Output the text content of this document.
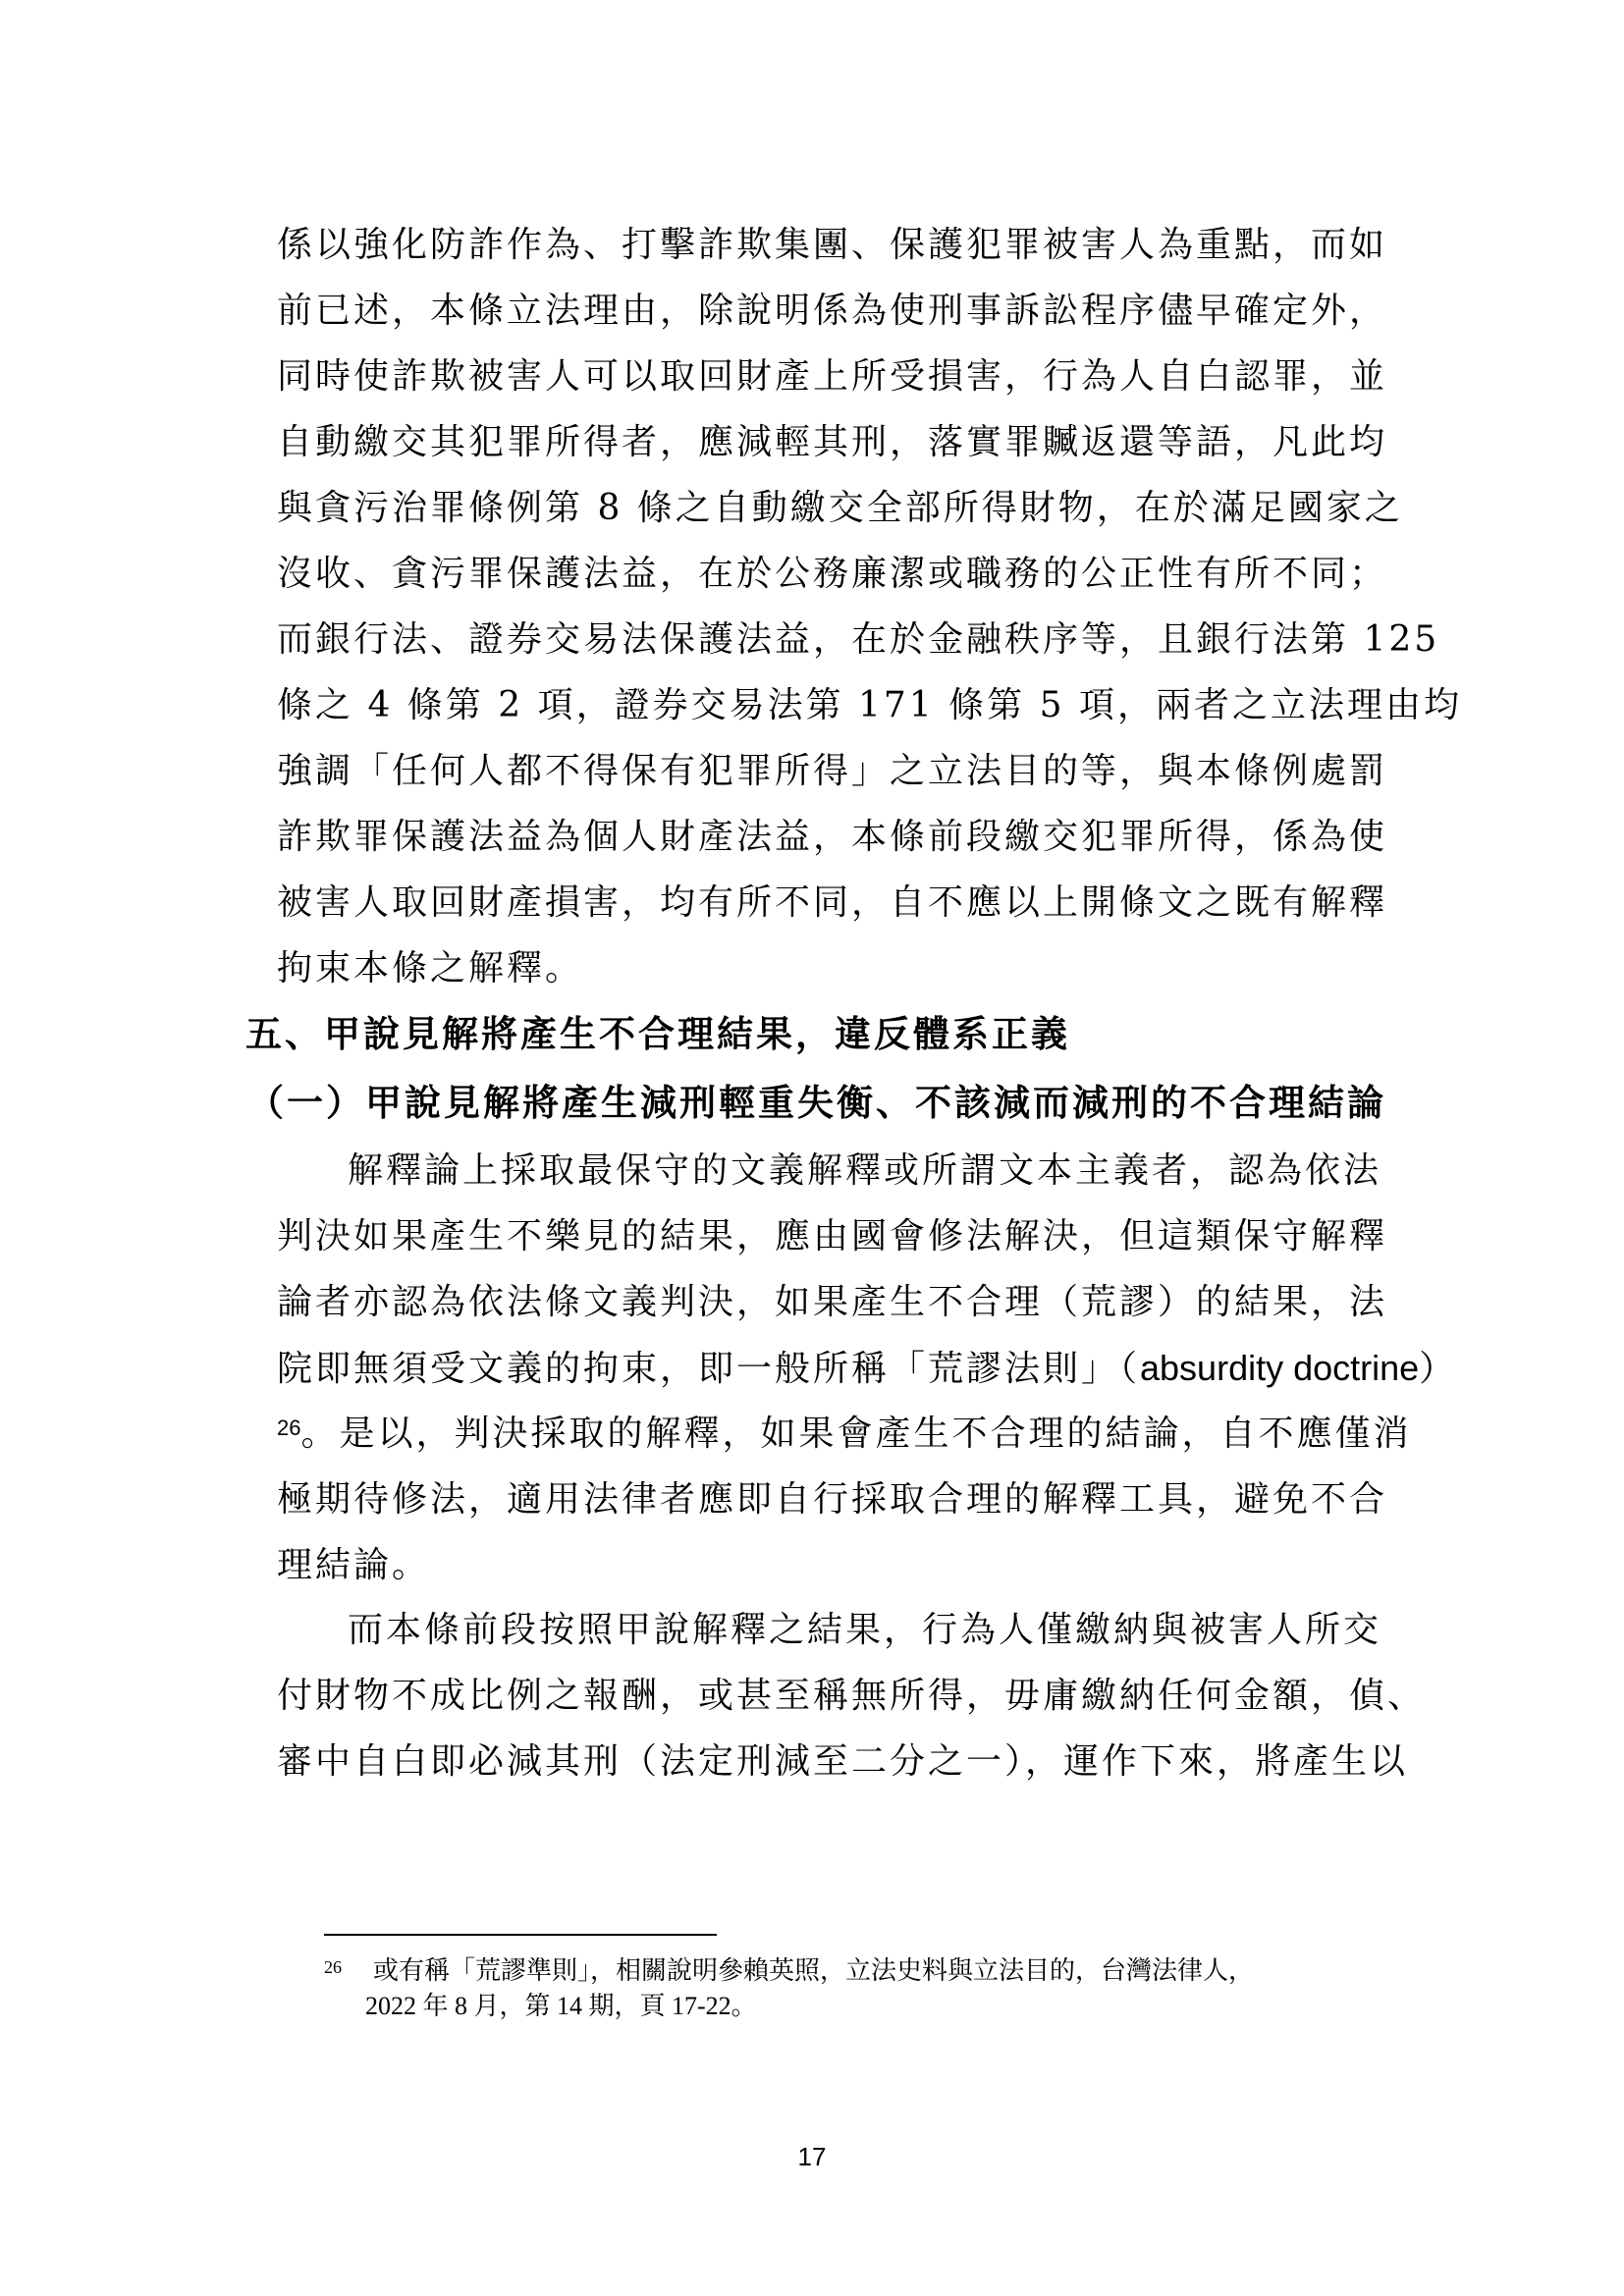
係以強化防詐作為、打擊詐欺集團、保護犯罪被害人為重點，而如
前已述，本條立法理由，除說明係為使刑事訴訟程序儘早確定外，
同時使詐欺被害人可以取回財產上所受損害，行為人自白認罪，並
自動繳交其犯罪所得者，應減輕其刑，落實罪贓返還等語，凡此均
與貪污治罪條例第 8 條之自動繳交全部所得財物，在於滿足國家之
沒收、貪污罪保護法益，在於公務廉潔或職務的公正性有所不同；
而銀行法、證券交易法保護法益，在於金融秩序等，且銀行法第 125
條之 4 條第 2 項，證券交易法第 171 條第 5 項，兩者之立法理由均
強調「任何人都不得保有犯罪所得」之立法目的等，與本條例處罰
詐欺罪保護法益為個人財產法益，本條前段繳交犯罪所得，係為使
被害人取回財產損害，均有所不同，自不應以上開條文之既有解釋
拘束本條之解釋。
五、甲說見解將產生不合理結果，違反體系正義
（一）甲說見解將產生減刑輕重失衡、不該減而減刑的不合理結論
解釋論上採取最保守的文義解釋或所謂文本主義者，認為依法
判決如果產生不樂見的結果，應由國會修法解決，但這類保守解釋
論者亦認為依法條文義判決，如果產生不合理（荒謬）的結果，法
院即無須受文義的拘束，即一般所稱「荒謬法則」（absurdity doctrine）
$^{26}$。是以，判決採取的解釋，如果會產生不合理的結論，自不應僅消
極期待修法，適用法律者應即自行採取合理的解釋工具，避免不合
理結論。
而本條前段按照甲說解釋之結果，行為人僅繳納與被害人所交
付財物不成比例之報酬，或甚至稱無所得，毋庸繳納任何金額，偵、
審中自白即必減其刑（法定刑減至二分之一），運作下來，將產生以
26 或有稱「荒謬準則」，相關說明參賴英照，立法史料與立法目的，台灣法律人，
2022 年 8 月，第 14 期，頁 17-22。
17
